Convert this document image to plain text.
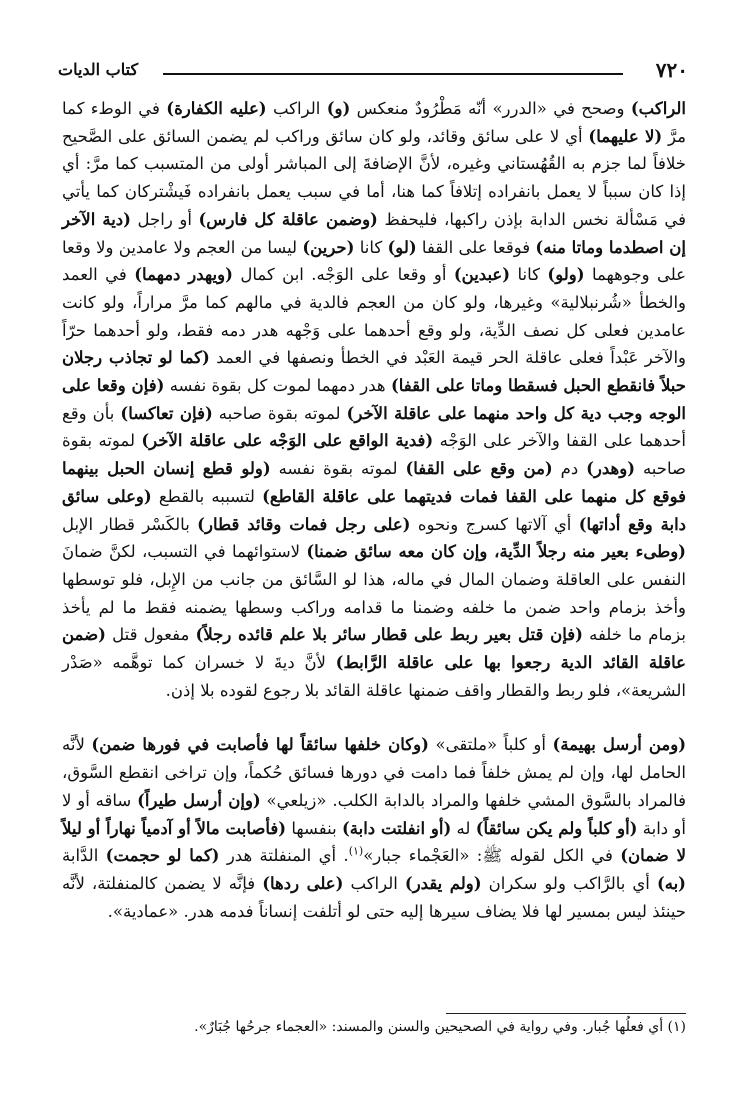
٧٢٠
كتاب الديات

الراكب) وصحح في «الدرر» أنّه مَطْرُودٌ منعكس (و) الراكب (عليه الكفارة) في الوطء كما مرَّ (لا عليهما) أي لا على سائق وقائد، ولو كان سائق وراكب لم يضمن السائق على الصَّحيح خلافاً لما جزم به القُهُستاني وغيره، لأنَّ الإضافةَ إلى المباشر أولى من المتسبب كما مرَّ: أي إذا كان سبباً لا يعمل بانفراده إتلافاً كما هنا، أما في سبب يعمل بانفراده فَيشْتركان كما يأتي في مَسْألة نخس الدابة بإذن راكبها، فليحفظ (وضمن عاقلة كل فارس) أو راجل (دية الآخر إن اصطدما وماتا منه) فوقعا على القفا (لو) كانا (حرين) ليسا من العجم ولا عامدين ولا وقعا على وجوههما (ولو) كانا (عبدين) أو وقعا على الوَجْه. ابن كمال (ويهدر دمهما) في العمد والخطأ «شُرنبلالية» وغيرها، ولو كان من العجم فالدية في مالهم كما مرَّ مراراً، ولو كانت عامدين فعلى كل نصف الدِّية، ولو وقع أحدهما على وَجْهه هدر دمه فقط، ولو أحدهما حرّاً والآخر عَبْداً فعلى عاقلة الحر قيمة العَبْد في الخطأ ونصفها في العمد (كما لو تجاذب رجلان حبلاً فانقطع الحبل فسقطا وماتا على القفا) هدر دمهما لموت كل بقوة نفسه (فإن وقعا على الوجه وجب دية كل واحد منهما على عاقلة الآخر) لموته بقوة صاحبه (فإن تعاكسا) بأن وقع أحدهما على القفا والآخر على الوَجْه (فدية الواقع على الوَجْه على عاقلة الآخر) لموته بقوة صاحبه (وهدر) دم (من وقع على القفا) لموته بقوة نفسه (ولو قطع إنسان الحبل بينهما فوقع كل منهما على القفا فمات فديتهما على عاقلة القاطع) لتسببه بالقطع (وعلى سائق دابة وقع أداتها) أي آلاتها كسرج ونحوه (على رجل فمات وقائد قطار) بالكَسْر قطار الإبل (وطىء بعير منه رجلاً الدِّية، وإن كان معه سائق ضمنا) لاستوائهما في التسبب، لكنَّ ضمانَ النفس على العاقلة وضمان المال في ماله، هذا لو السَّائق من جانب من الإِبل، فلو توسطها وأخذ بزمام واحد ضمن ما خلفه وضمنا ما قدامه وراكب وسطها يضمنه فقط ما لم يأخذ بزمام ما خلفه (فإن قتل بعير ربط على قطار سائر بلا علم قائده رجلاً) مفعول قتل (ضمن عاقلة القائد الدية رجعوا بها على عاقلة الرَّابط) لأنَّ ديةَ لا خسران كما توهَّمه «صَدْر الشريعة»، فلو ربط والقطار واقف ضمنها عاقلة القائد بلا رجوع لقوده بلا إذن.

(ومن أرسل بهيمة) أو كلباً «ملتقى» (وكان خلفها سائقاً لها فأصابت في فورها ضمن) لأنَّه الحامل لها، وإن لم يمش خلفاً فما دامت في دورها فسائق حُكماً، وإن تراخى انقطع السَّوق، فالمراد بالسَّوق المشي خلفها والمراد بالدابة الكلب. «زيلعي» (وإن أرسل طيراً) ساقه أو لا أو دابة (أو كلباً ولم يكن سائقاً) له (أو انفلتت دابة) بنفسها (فأصابت مالاً أو آدمياً نهاراً أو ليلاً لا ضمان) في الكل لقوله ﷺ: «العَجْماء جبار»$^{(١)}$. أي المنفلتة هدر (كما لو حجمت) الدَّابة (به) أي بالرَّاكب ولو سكران (ولم يقدر) الراكب (على ردها) فإنَّه لا يضمن كالمنفلتة، لأنَّه حينئذ ليس بمسير لها فلا يضاف سيرها إليه حتى لو أتلفت إنساناً فدمه هدر. «عمادية».

(١) أي فعلُها جُبار. وفي رواية في الصحيحين والسنن والمسند: «العجماء جرحُها جُبَارٌ».
